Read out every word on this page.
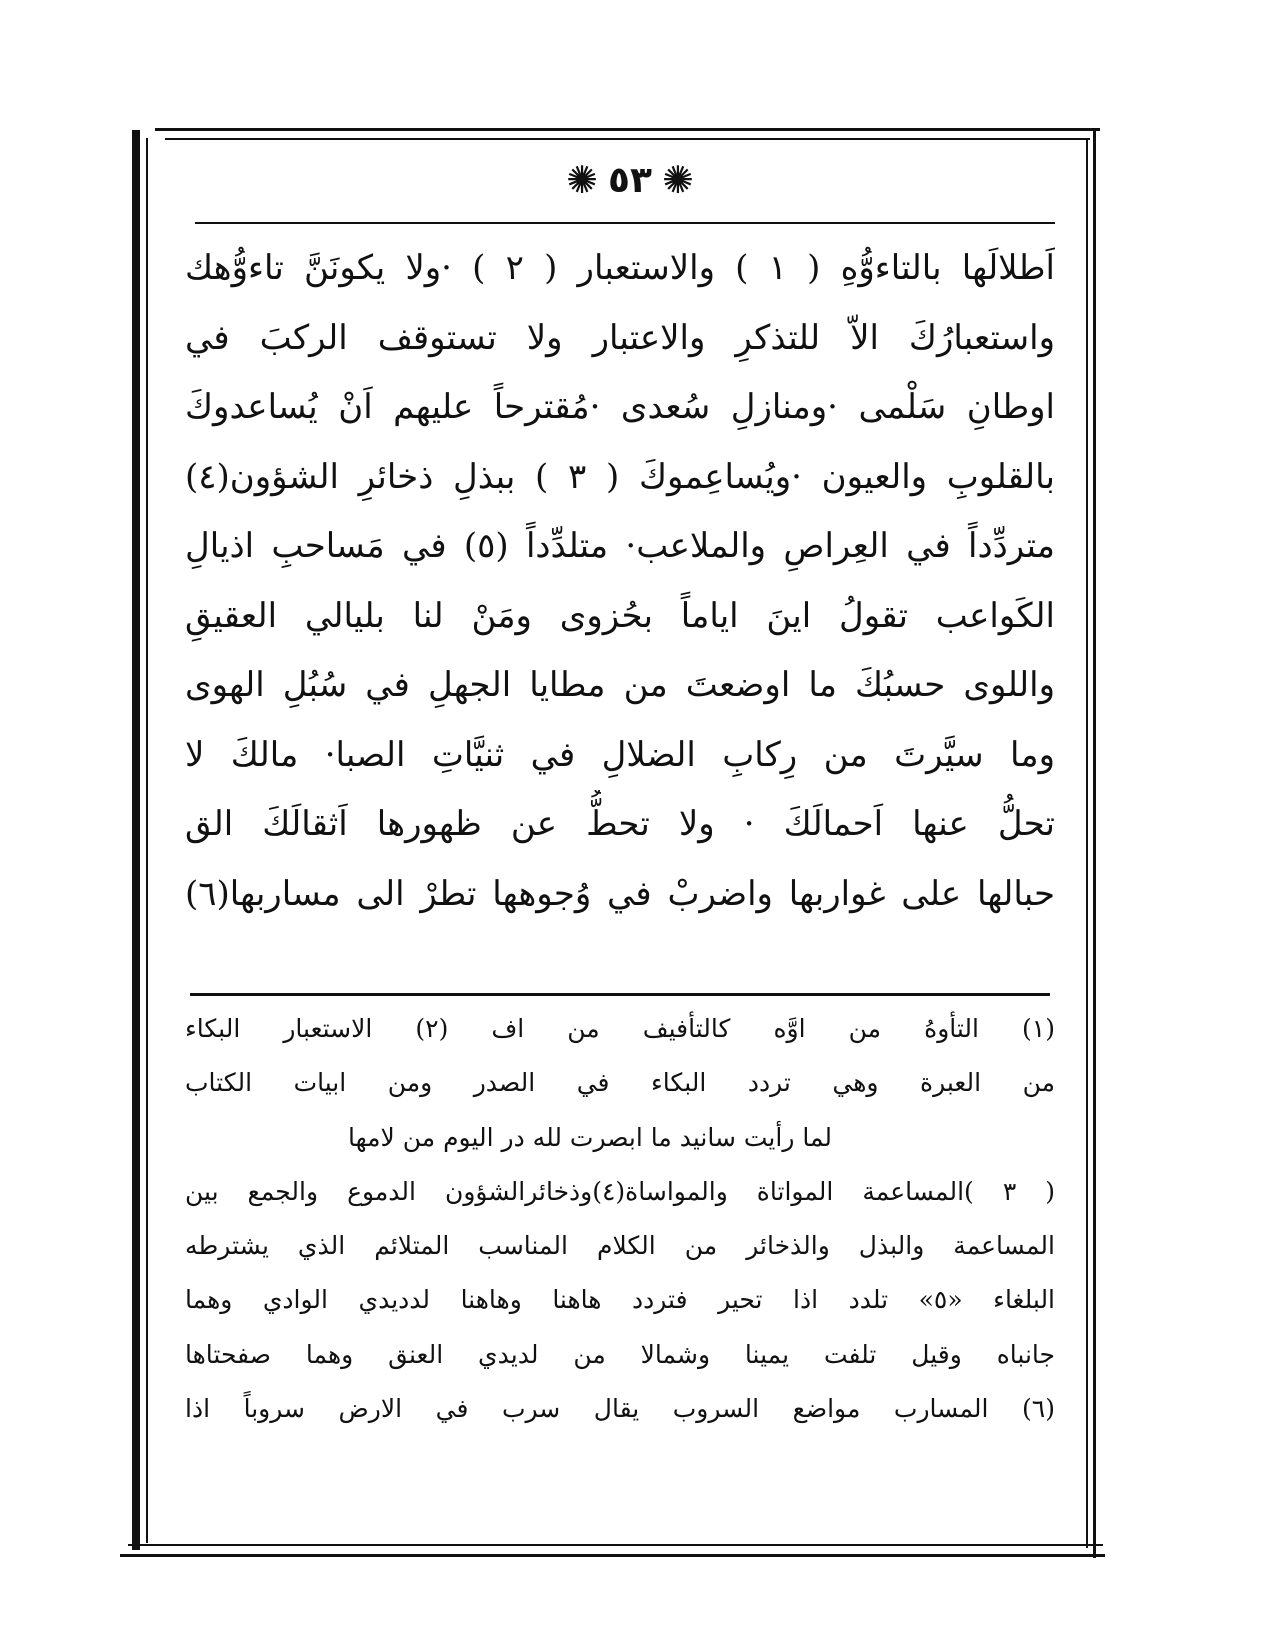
✺ ٥٣ ✺
اَطلالَها بالتاءوُّهِ ( ١ ) والاستعبار ( ٢ ) ·ولا يكونَنَّ تاءوُّهك
واستعبارُكَ الاّ للتذكرِ والاعتبار ولا تستوقف الركبَ في
اوطانِ سَلْمى ·ومنازلِ سُعدى ·مُقترحاً عليهم اَنْ يُساعدوكَ
بالقلوبِ والعيون ·ويُساعِموكَ ( ٣ ) ببذلِ ذخائرِ الشؤون(٤)
متردِّداً في العِراصِ والملاعب· متلدِّداً (٥) في مَساحبِ اذيالِ
الكَواعب تقولُ اينَ اياماً بحُزوى ومَنْ لنا بليالي العقيقِ
واللوى حسبُكَ ما اوضعتَ من مطايا الجهلِ في سُبُلِ الهوى
وما سيَّرتَ من رِكابِ الضلالِ في ثنيَّاتِ الصبا· مالكَ لا
تحلُّ عنها اَحمالَكَ · ولا تحطُّ عن ظهورها اَثقالَكَ الق
حبالها على غواربها واضربْ في وُجوهها تطرْ الى مساربها(٦)
(١) التأوهُ من اوَّه كالتأفيف من اف (٢) الاستعبار البكاء
من العبرة وهي تردد البكاء في الصدر ومن ابيات الكتاب
لما رأيت سانيد ما ابصرت لله در اليوم من لامها
( ٣ )المساعمة المواتاة والمواساة(٤)وذخائرالشؤون الدموع والجمع بين
المساعمة والبذل والذخائر من الكلام المناسب المتلائم الذي يشترطه
البلغاء «٥» تلدد اذا تحير فتردد هاهنا وهاهنا لدديدي الوادي وهما
جانباه وقيل تلفت يمينا وشمالا من لديدي العنق وهما صفحتاها
(٦) المسارب مواضع السروب يقال سرب في الارض سروباً اذا
